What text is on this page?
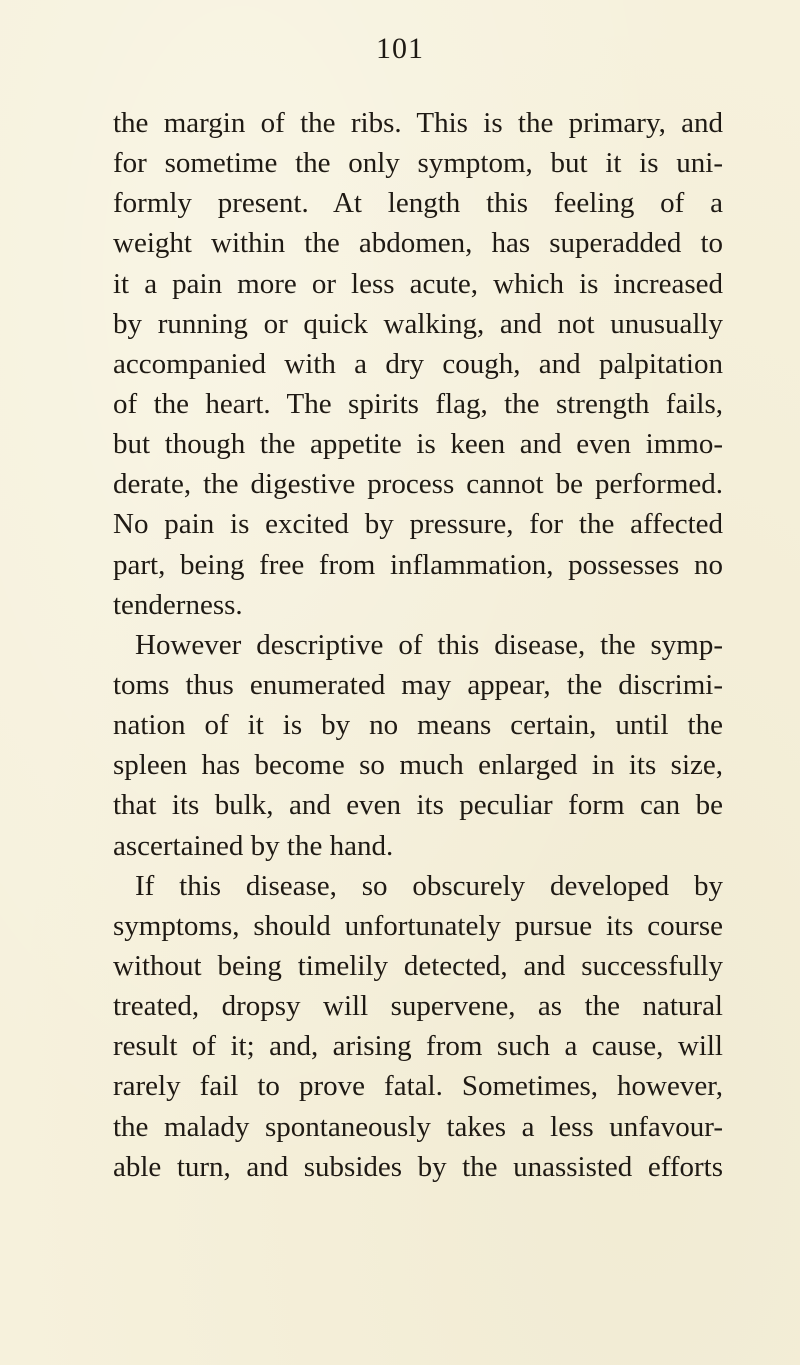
101
the margin of the ribs. This is the primary, and
for sometime the only symptom, but it is uni-
formly present. At length this feeling of a
weight within the abdomen, has superadded to
it a pain more or less acute, which is increased
by running or quick walking, and not unusually
accompanied with a dry cough, and palpitation
of the heart. The spirits flag, the strength fails,
but though the appetite is keen and even immo-
derate, the digestive process cannot be performed.
No pain is excited by pressure, for the affected
part, being free from inflammation, possesses no
tenderness.
However descriptive of this disease, the symp-
toms thus enumerated may appear, the discrimi-
nation of it is by no means certain, until the
spleen has become so much enlarged in its size,
that its bulk, and even its peculiar form can be
ascertained by the hand.
If this disease, so obscurely developed by
symptoms, should unfortunately pursue its course
without being timelily detected, and successfully
treated, dropsy will supervene, as the natural
result of it; and, arising from such a cause, will
rarely fail to prove fatal. Sometimes, however,
the malady spontaneously takes a less unfavour-
able turn, and subsides by the unassisted efforts
